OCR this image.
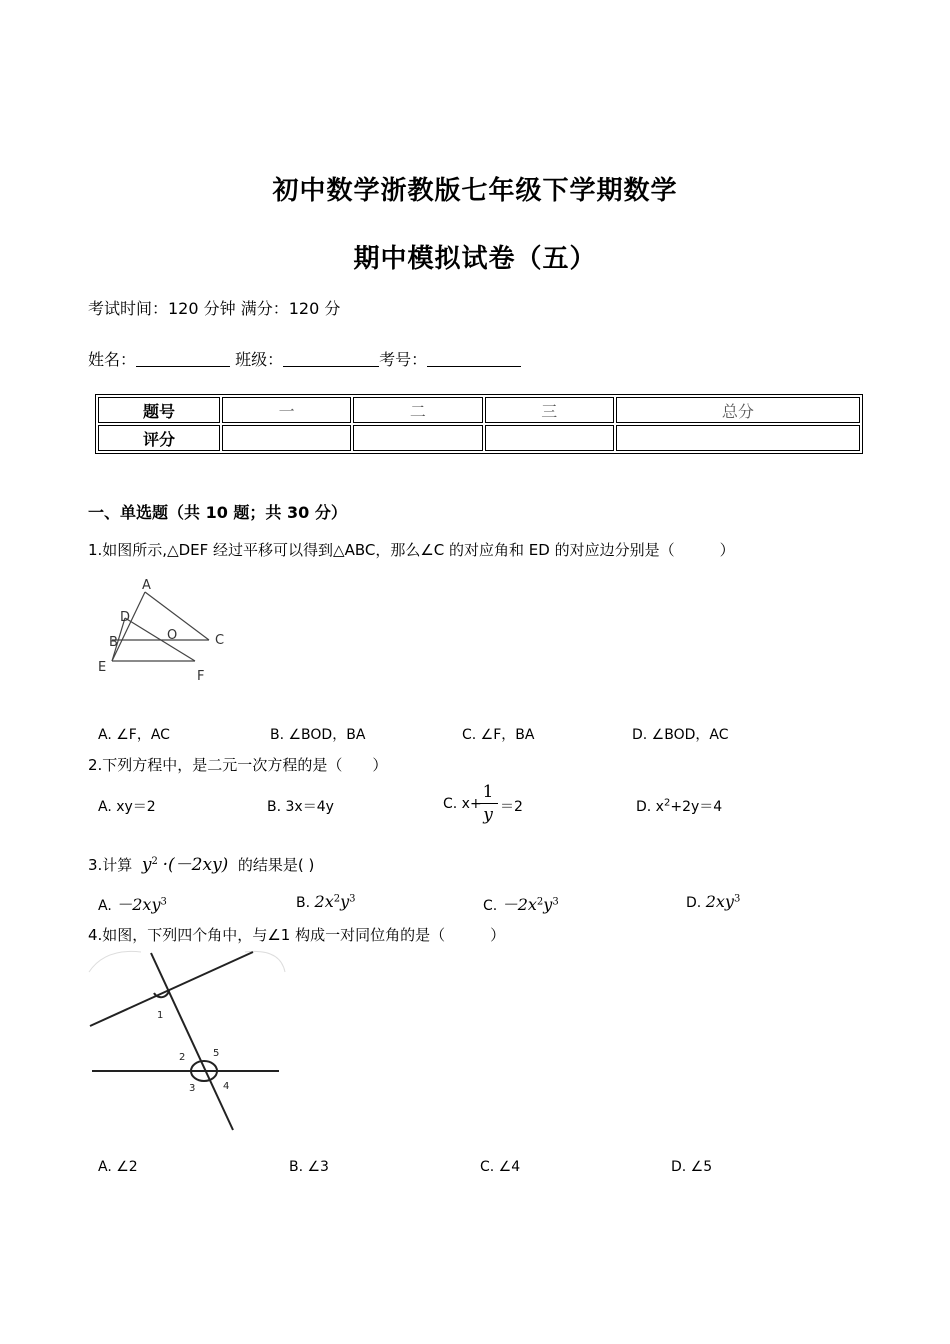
初中数学浙教版七年级下学期数学
期中模拟试卷（五）
考试时间：120 分钟 满分：120 分
姓名：	班级：	考号：
题号	一	二	三	总分
评分				
一、单选题（共 10 题；共 30 分）
1.如图所示,△DEF 经过平移可以得到△ABC，那么∠C 的对应角和 ED 的对应边分别是（　　　）
A
D
B	O	C
E
F
A. ∠F，AC	B. ∠BOD，BA	C. ∠F，BA	D. ∠BOD，AC
2.下列方程中，是二元一次方程的是（　　）
A. xy＝2	B. 3x＝4y	C. x+
1
y ＝2	D. $x^2+2y=4$
3.计算 $y^2 \cdot(-2xy)$ 的结果是( )
A. $-2xy^3$	B. $2x^2y^3$	C. $-2x^2y^3$	D. $2xy^3$
4.如图，下列四个角中，与∠1 构成一对同位角的是（　　　）
1
2	5
3	4
A. ∠2	B. ∠3	C. ∠4	D. ∠5
